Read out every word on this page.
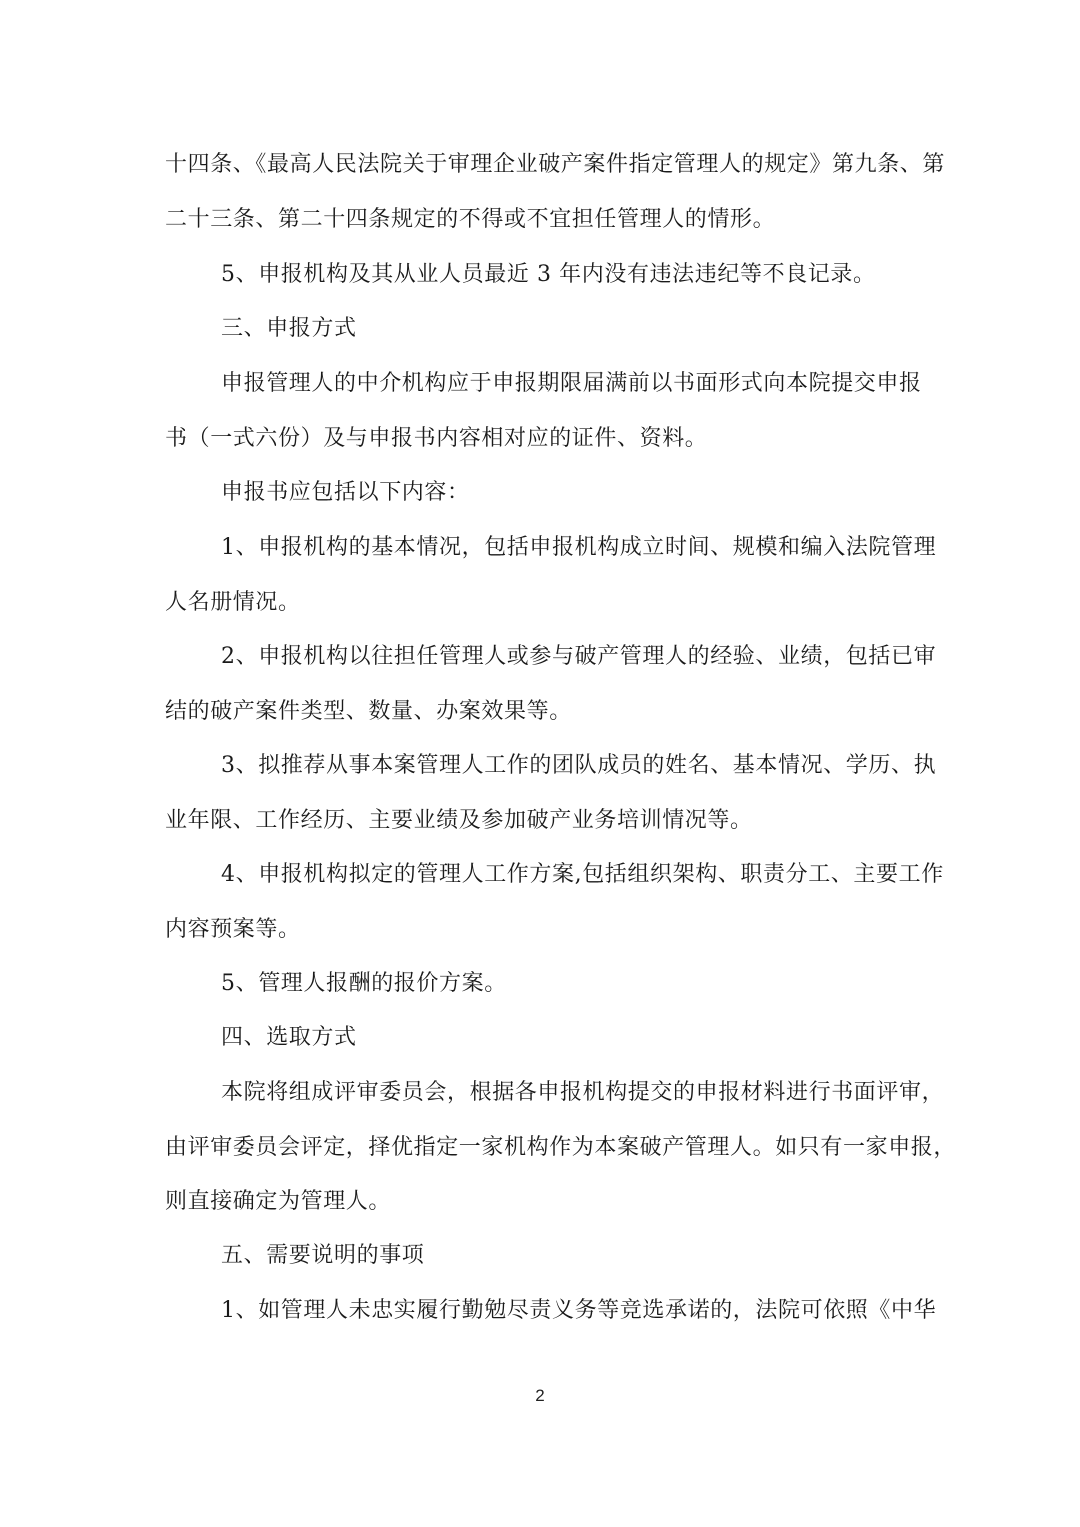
十四条、《最高人民法院关于审理企业破产案件指定管理人的规定》第九条、第
二十三条、第二十四条规定的不得或不宜担任管理人的情形。
5、申报机构及其从业人员最近 3 年内没有违法违纪等不良记录。
三、申报方式
申报管理人的中介机构应于申报期限届满前以书面形式向本院提交申报
书（一式六份）及与申报书内容相对应的证件、资料。
申报书应包括以下内容：
1、申报机构的基本情况，包括申报机构成立时间、规模和编入法院管理
人名册情况。
2、申报机构以往担任管理人或参与破产管理人的经验、业绩，包括已审
结的破产案件类型、数量、办案效果等。
3、拟推荐从事本案管理人工作的团队成员的姓名、基本情况、学历、执
业年限、工作经历、主要业绩及参加破产业务培训情况等。
4、申报机构拟定的管理人工作方案,包括组织架构、职责分工、主要工作
内容预案等。
5、管理人报酬的报价方案。
四、选取方式
本院将组成评审委员会，根据各申报机构提交的申报材料进行书面评审，
由评审委员会评定，择优指定一家机构作为本案破产管理人。如只有一家申报，
则直接确定为管理人。
五、需要说明的事项
1、如管理人未忠实履行勤勉尽责义务等竞选承诺的，法院可依照《中华
2
